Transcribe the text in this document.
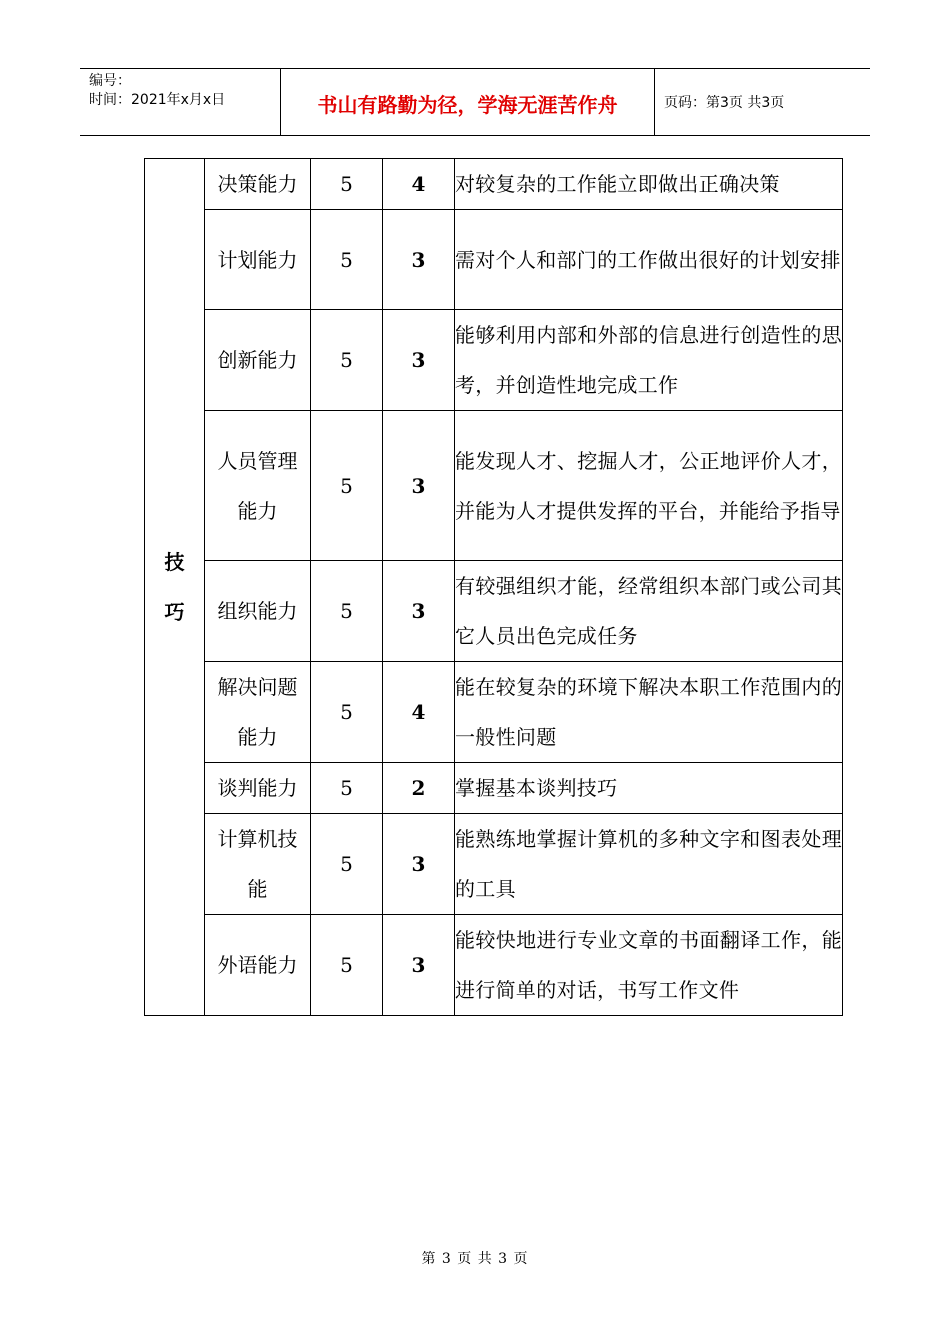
编号：
时间：2021年x月x日	书山有路勤为径，学海无涯苦作舟	页码：第3页 共3页
技
巧	决策能力	5	4	对较复杂的工作能立即做出正确决策
	计划能力	5	3	需对个人和部门的工作做出很好的计划安排
	创新能力	5	3	能够利用内部和外部的信息进行创造性的思考，并创造性地完成工作
	人员管理能力	5	3	能发现人才、挖掘人才，公正地评价人才，并能为人才提供发挥的平台，并能给予指导
	组织能力	5	3	有较强组织才能，经常组织本部门或公司其它人员出色完成任务
	解决问题能力	5	4	能在较复杂的环境下解决本职工作范围内的一般性问题
	谈判能力	5	2	掌握基本谈判技巧
	计算机技能	5	3	能熟练地掌握计算机的多种文字和图表处理的工具
	外语能力	5	3	能较快地进行专业文章的书面翻译工作，能进行简单的对话，书写工作文件
第 3 页 共 3 页
